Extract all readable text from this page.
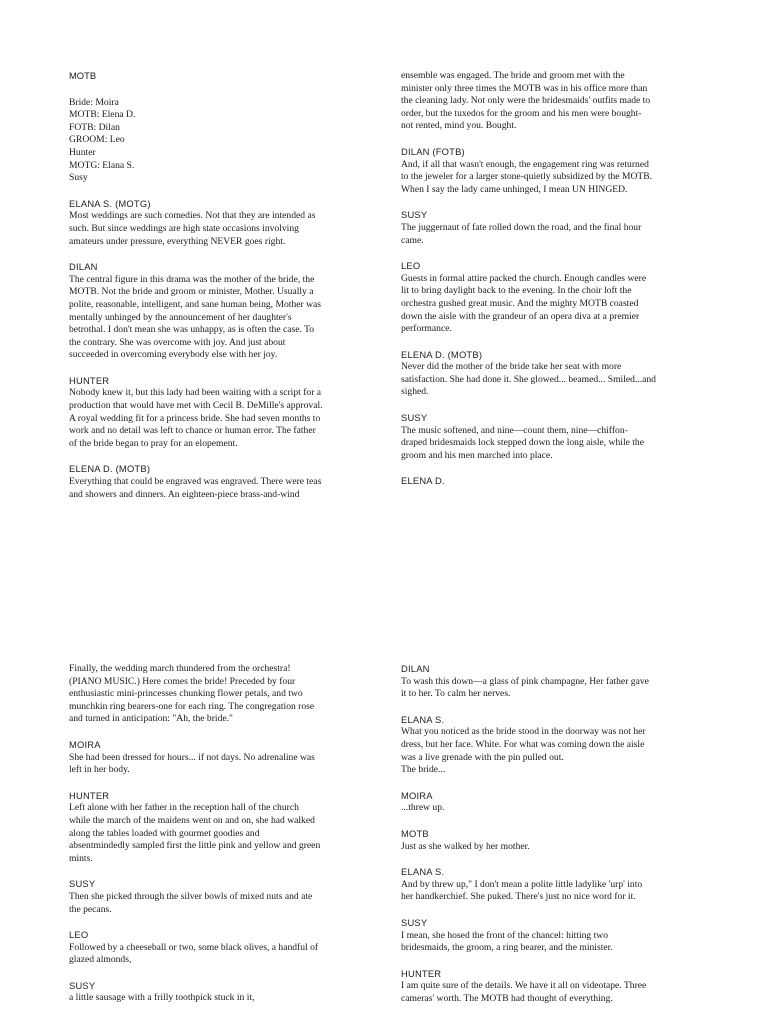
MOTB
Bride: Moira
MOTB: Elena D.
FOTB: Dilan
GROOM: Leo
Hunter
MOTG: Elana S.
Susy
ELANA S. (MOTG)
Most weddings are such comedies. Not that they are intended as
such. But since weddings are high state occasions involving
amateurs under pressure, everything NEVER goes right.
DILAN
The central figure in this drama was the mother of the bride, the
MOTB. Not the bride and groom or minister, Mother. Usually a
polite, reasonable, intelligent, and sane human being, Mother was
mentally unhinged by the announcement of her daughter's
betrothal. I don't mean she was unhappy, as is often the case. To
the contrary. She was overcome with joy. And just about
succeeded in overcoming everybody else with her joy.
HUNTER
Nobody knew it, but this lady had been waiting with a script for a
production that would have met with Cecil B. DeMille's approval.
A royal wedding fit for a princess bride. She had seven months to
work and no detail was left to chance or human error. The father
of the bride began to pray for an elopement.
ELENA D. (MOTB)
Everything that could be engraved was engraved. There were teas
and showers and dinners. An eighteen-piece brass-and-wind
ensemble was engaged. The bride and groom met with the
minister only three times the MOTB was in his office more than
the cleaning lady. Not only were the bridesmaids' outfits made to
order, but the tuxedos for the groom and his men were bought-
not rented, mind you. Bought.
DILAN (FOTB)
And, if all that wasn't enough, the engagement ring was returned
to the jeweler for a larger stone-quietly subsidized by the MOTB.
When I say the lady came unhinged, I mean UN HINGED.
SUSY
The juggernaut of fate rolled down the road, and the final hour
came.
LEO
Guests in formal attire packed the church. Enough candles were
lit to bring daylight back to the evening. In the choir loft the
orchestra gushed great music. And the mighty MOTB coasted
down the aisle with the grandeur of an opera diva at a premier
performance.
ELENA D. (MOTB)
Never did the mother of the bride take her seat with more
satisfaction. She had done it. She glowed... beamed... Smiled...and
sighed.
SUSY
The music softened, and nine—count them, nine—chiffon-
draped bridesmaids lock stepped down the long aisle, while the
groom and his men marched into place.
ELENA D.
Finally, the wedding march thundered from the orchestra!
(PIANO MUSIC.) Here comes the bride! Preceded by four
enthusiastic mini-princesses chunking flower petals, and two
munchkin ring bearers-one for each ring. The congregation rose
and turned in anticipation: "Ah, the bride."
MOIRA
She had been dressed for hours... if not days. No adrenaline was
left in her body.
HUNTER
Left alone with her father in the reception hall of the church
while the march of the maidens went on and on, she had walked
along the tables loaded with gourmet goodies and
absentmindedly sampled first the little pink and yellow and green
mints.
SUSY
Then she picked through the silver bowls of mixed nuts and ate
the pecans.
LEO
Followed by a cheeseball or two, some black olives, a handful of
glazed almonds,
SUSY
a little sausage with a frilly toothpick stuck in it,
DILAN
To wash this down—a glass of pink champagne, Her father gave
it to her. To calm her nerves.
ELANA S.
What you noticed as the bride stood in the doorway was not her
dress, but her face. White. For what was coming down the aisle
was a live grenade with the pin pulled out.
The bride...
MOIRA
...threw up.
MOTB
Just as she walked by her mother.
ELANA S.
And by threw up," I don't mean a polite little ladylike 'urp' into
her handkerchief. She puked. There's just no nice word for it.
SUSY
I mean, she hosed the front of the chancel: hitting two
bridesmaids, the groom, a ring bearer, and the minister.
HUNTER
I am quite sure of the details. We have it all on videotape. Three
cameras' worth. The MOTB had thought of everything.
